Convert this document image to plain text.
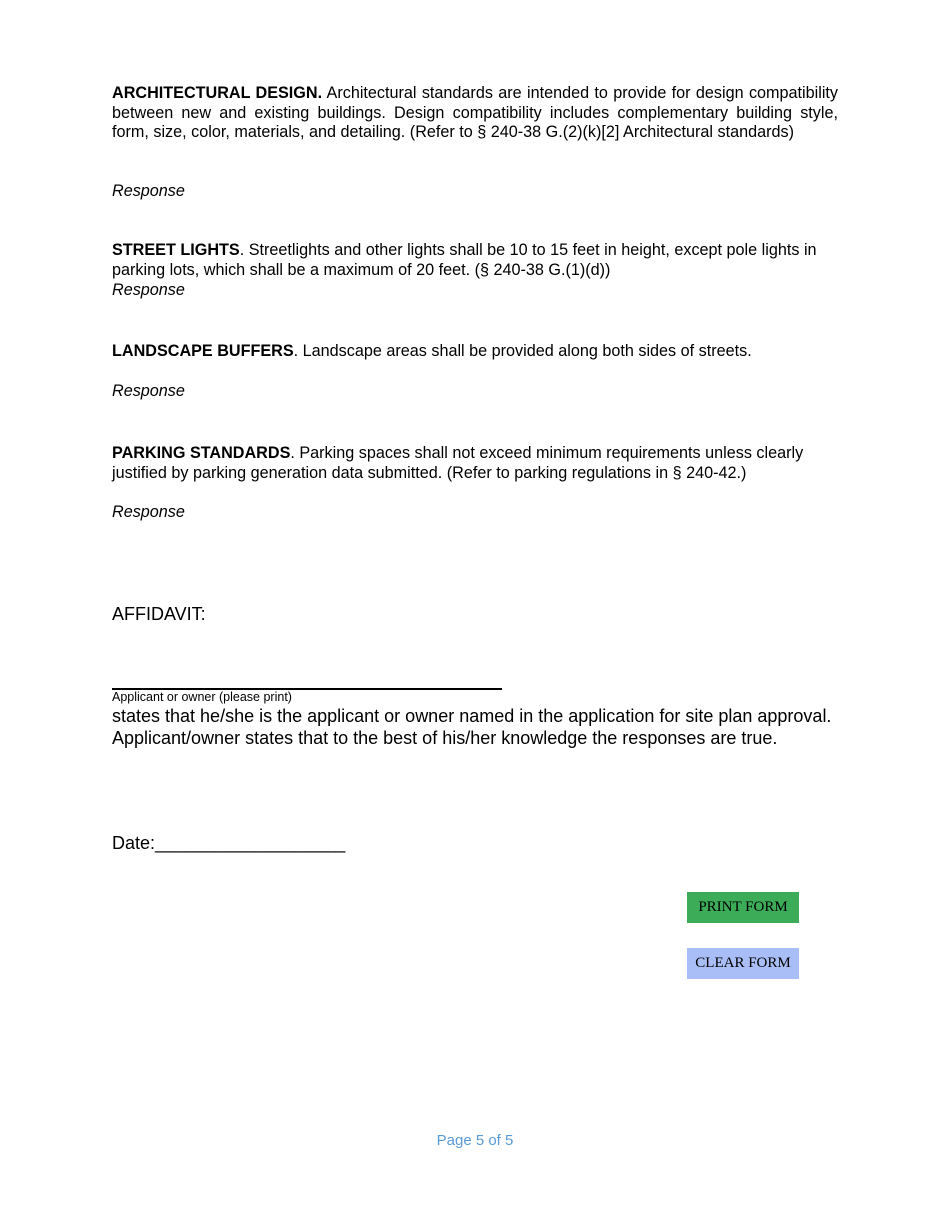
ARCHITECTURAL DESIGN. Architectural standards are intended to provide for design compatibility between new and existing buildings. Design compatibility includes complementary building style, form, size, color, materials, and detailing. (Refer to § 240-38 G.(2)(k)[2] Architectural standards)
Response
STREET LIGHTS. Streetlights and other lights shall be 10 to 15 feet in height, except pole lights in parking lots, which shall be a maximum of 20 feet. (§ 240-38 G.(1)(d))
Response
LANDSCAPE BUFFERS. Landscape areas shall be provided along both sides of streets.
Response
PARKING STANDARDS. Parking spaces shall not exceed minimum requirements unless clearly justified by parking generation data submitted. (Refer to parking regulations in § 240-42.)
Response
AFFIDAVIT:
Applicant or owner (please print)
states that he/she is the applicant or owner named in the application for site plan approval. Applicant/owner states that to the best of his/her knowledge the responses are true.
Date:___________________
PRINT FORM
CLEAR FORM
Page 5 of 5
